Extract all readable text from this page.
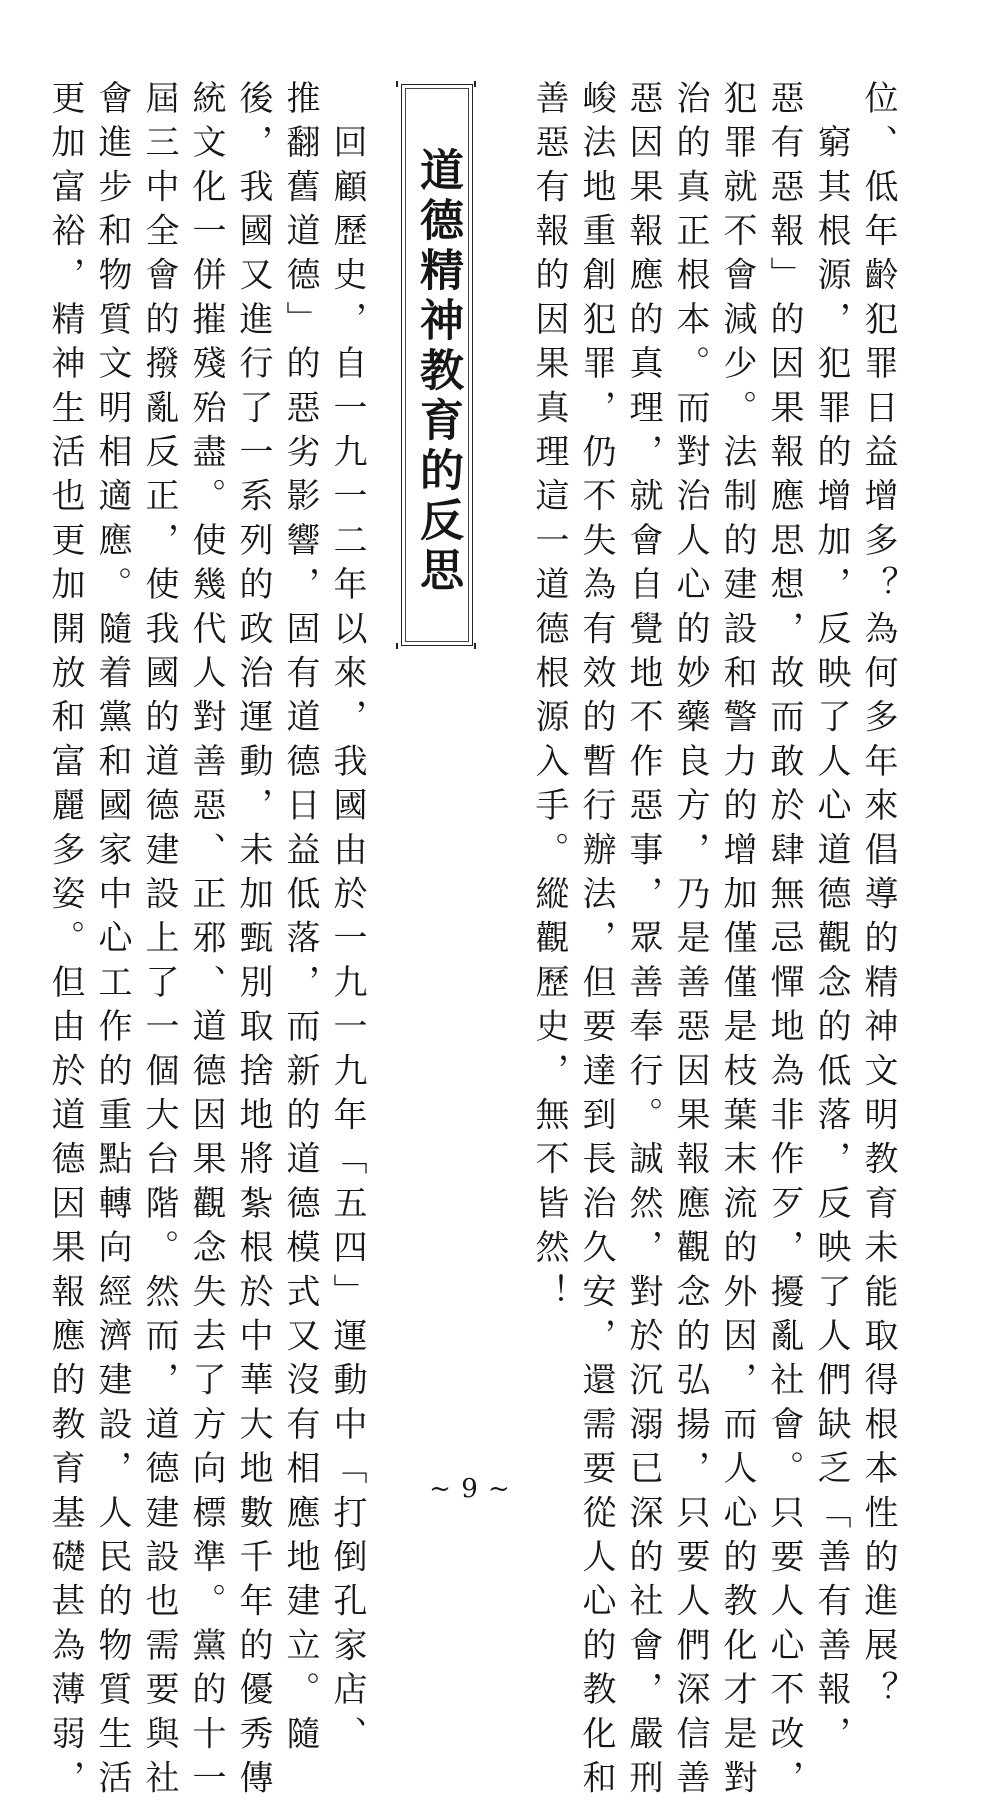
位、低年齡犯罪日益增多？為何多年來倡導的精神文明教育未能取得根本性的進展？
　窮其根源，犯罪的增加，反映了人心道德觀念的低落，反映了人們缺乏「善有善報，
惡有惡報」的因果報應思想，故而敢於肆無忌憚地為非作歹，擾亂社會。只要人心不改，
犯罪就不會減少。法制的建設和警力的增加僅僅是枝葉末流的外因，而人心的教化才是對
治的真正根本。而對治人心的妙藥良方，乃是善惡因果報應觀念的弘揚，只要人們深信善
惡因果報應的真理，就會自覺地不作惡事，眾善奉行。誠然，對於沉溺已深的社會，嚴刑
峻法地重創犯罪，仍不失為有效的暫行辦法，但要達到長治久安，還需要從人心的教化和
善惡有報的因果真理這一道德根源入手。縱觀歷史，無不皆然！
道德精神教育的反思
　回顧歷史，自一九一二年以來，我國由於一九一九年「五四」運動中「打倒孔家店、
推翻舊道德」的惡劣影響，固有道德日益低落，而新的道德模式又沒有相應地建立。隨
後，我國又進行了一系列的政治運動，未加甄別取捨地將紮根於中華大地數千年的優秀傳
統文化一併摧殘殆盡。使幾代人對善惡、正邪、道德因果觀念失去了方向標準。黨的十一
屆三中全會的撥亂反正，使我國的道德建設上了一個大台階。然而，道德建設也需要與社
會進步和物質文明相適應。隨着黨和國家中心工作的重點轉向經濟建設，人民的物質生活
更加富裕，精神生活也更加開放和富麗多姿。但由於道德因果報應的教育基礎甚為薄弱，	~ 9 ~
